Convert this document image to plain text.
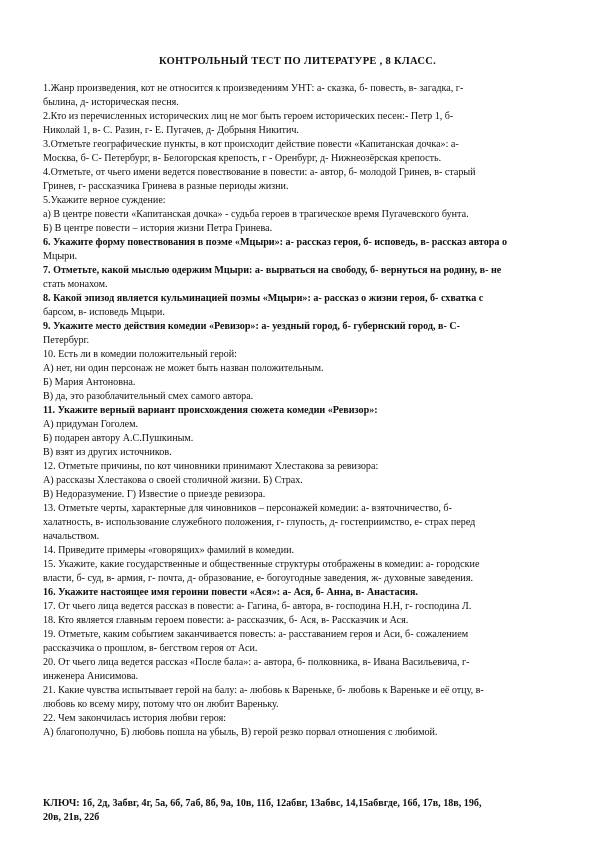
КОНТРОЛЬНЫЙ ТЕСТ ПО ЛИТЕРАТУРЕ , 8 КЛАСС.
1.Жанр произведения, кот не относится к произведениям УНТ: а- сказка, б- повесть, в- загадка, г-
былина, д- историческая песня.
2.Кто из перечисленных исторических лиц не мог быть героем исторических песен:- Петр 1, б-
Николай 1, в- С. Разин, г- Е. Пугачев, д- Добрыня Никитич.
3.Отметьте географические пункты, в кот происходит действие повести «Капитанская дочка»: а-
Москва, б- С- Петербург, в- Белогорская крепость, г - Оренбург, д- Нижнеозёрская крепость.
4.Отметьте, от чьего имени ведется повествование в повести: а- автор, б- молодой Гринев, в- старый
Гринев, г- рассказчика Гринева в разные периоды жизни.
5.Укажите верное суждение:
а) В центре повести «Капитанская дочка» - судьба героев в трагическое время Пугачевского бунта.
Б) В центре повести – история жизни Петра Гринева.
6. Укажите форму повествования в поэме «Мцыри»: а- рассказ героя, б- исповедь, в- рассказ автора о
Мцыри.
7. Отметьте, какой мыслью одержим Мцыри: а- вырваться на свободу, б- вернуться на родину, в- не
стать монахом.
8. Какой эпизод является кульминацией поэмы «Мцыри»: а- рассказ о жизни героя, б- схватка с
барсом, в- исповедь Мцыри.
9. Укажите место действия комедии «Ревизор»: а- уездный город, б- губернский город, в- С-
Петербург.
10. Есть ли в комедии положительный герой:
А) нет, ни один персонаж не может быть назван положительным.
Б) Мария Антоновна.
В) да, это разоблачительный смех самого автора.
11. Укажите верный вариант происхождения сюжета комедии «Ревизор»:
А) придуман Гоголем.
Б) подарен автору А.С.Пушкиным.
В) взят из других источников.
12. Отметьте причины, по кот чиновники принимают Хлестакова за ревизора:
А) рассказы Хлестакова о своей столичной жизни. Б) Страх.
В) Недоразумение. Г) Известие о приезде ревизора.
13. Отметьте черты, характерные для чиновников – персонажей комедии: а- взяточничество, б-
халатность, в- использование служебного положения, г- глупость, д- гостеприимство, е- страх перед
начальством.
14. Приведите примеры «говорящих» фамилий в комедии.
15. Укажите, какие государственные и общественные структуры отображены в комедии: а- городские
власти, б- суд, в- армия, г- почта, д- образование, е- богоугодные заведения, ж- духовные заведения.
16. Укажите настоящее имя героини повести «Ася»: а- Ася, б- Анна, в- Анастасия.
17. От чьего лица ведется рассказ в повести: а- Гагина, б- автора, в- господина Н.Н, г- господина Л.
18. Кто является главным героем повести: а- рассказчик, б- Ася, в- Рассказчик и Ася.
19. Отметьте, каким событием заканчивается повесть: а- расставанием героя и Аси, б- сожалением
рассказчика о прошлом, в- бегством героя от Аси.
20. От чьего лица ведется рассказ «После бала»: а- автора, б- полковника, в- Ивана Васильевича, г-
инженера Анисимова.
21. Какие чувства испытывает герой на балу: а- любовь к Вареньке, б- любовь к Вареньке и её отцу, в-
любовь ко всему миру, потому что он любит Вареньку.
22. Чем закончилась история любви героя:
А) благополучно, Б) любовь пошла на убыль, В) герой резко порвал отношения с любимой.
КЛЮЧ: 1б, 2д, 3абвг, 4г, 5а, 6б, 7аб, 8б, 9а, 10в, 11б, 12абвг, 13абвс, 14,15абвгде, 16б, 17в, 18в, 19б,
20в, 21в, 22б
